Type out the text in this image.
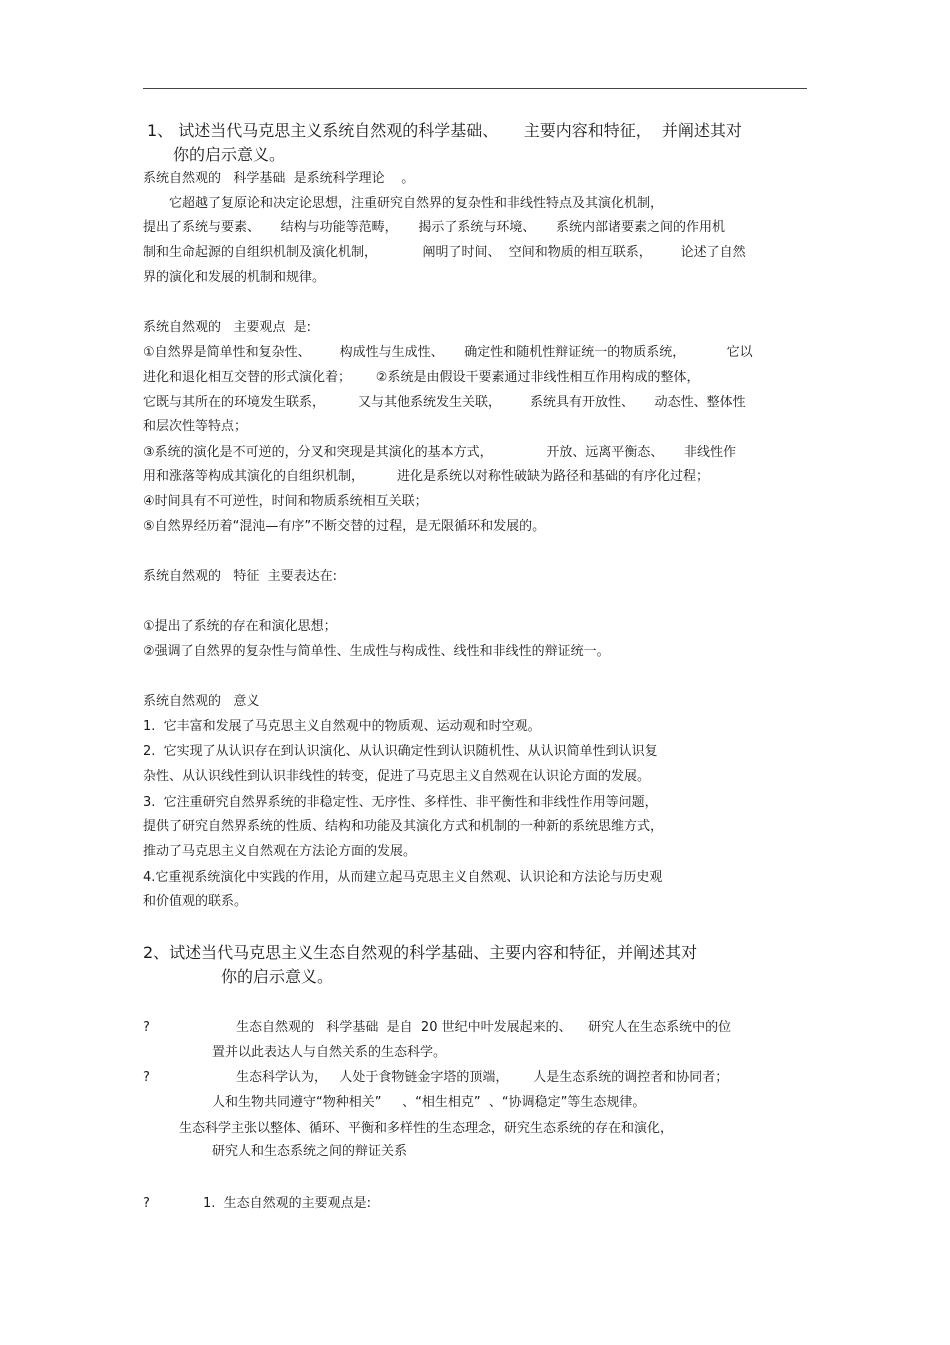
1、 试述当代马克思主义系统自然观的科学基础、     主要内容和特征，  并阐述其对
你的启示意义。
系统自然观的   科学基础  是系统科学理论    。
它超越了复原论和决定论思想，注重研究自然界的复杂性和非线性特点及其演化机制，
提出了系统与要素、     结构与功能等范畴，     揭示了系统与环境、     系统内部诸要素之间的作用机
制和生命起源的自组织机制及演化机制，           阐明了时间、  空间和物质的相互联系，       论述了自然
界的演化和发展的机制和规律。
系统自然观的   主要观点  是:
①自然界是简单性和复杂性、       构成性与生成性、     确定性和随机性辩证统一的物质系统，          它以
进化和退化相互交替的形式演化着；      ②系统是由假设干要素通过非线性相互作用构成的整体，
它既与其所在的环境发生联系，        又与其他系统发生关联，       系统具有开放性、     动态性、整体性
和层次性等特点；
③系统的演化是不可逆的，分叉和突现是其演化的基本方式，             开放、远离平衡态、     非线性作
用和涨落等构成其演化的自组织机制，        进化是系统以对称性破缺为路径和基础的有序化过程；
④时间具有不可逆性，时间和物质系统相互关联；
⑤自然界经历着“混沌—有序”不断交替的过程，是无限循环和发展的。
系统自然观的   特征  主要表达在:
①提出了系统的存在和演化思想；
②强调了自然界的复杂性与简单性、生成性与构成性、线性和非线性的辩证统一。
系统自然观的   意义
1.  它丰富和发展了马克思主义自然观中的物质观、运动观和时空观。
2.  它实现了从认识存在到认识演化、从认识确定性到认识随机性、从认识简单性到认识复
杂性、从认识线性到认识非线性的转变，促进了马克思主义自然观在认识论方面的发展。
3.  它注重研究自然界系统的非稳定性、无序性、多样性、非平衡性和非线性作用等问题，
提供了研究自然界系统的性质、结构和功能及其演化方式和机制的一种新的系统思维方式，
推动了马克思主义自然观在方法论方面的发展。
4.它重视系统演化中实践的作用，从而建立起马克思主义自然观、认识论和方法论与历史观
和价值观的联系。
2、试述当代马克思主义生态自然观的科学基础、主要内容和特征，并阐述其对
你的启示意义。
?	生态自然观的   科学基础  是自  20 世纪中叶发展起来的、    研究人在生态系统中的位
置并以此表达人与自然关系的生态科学。
?	生态科学认为，   人处于食物链金字塔的顶端，      人是生态系统的调控者和协同者；
人和生物共同遵守“物种相关”     、“相生相克”  、“协调稳定”等生态规律。
生态科学主张以整体、循环、平衡和多样性的生态理念，研究生态系统的存在和演化，
研究人和生态系统之间的辩证关系
?	1.  生态自然观的主要观点是:
